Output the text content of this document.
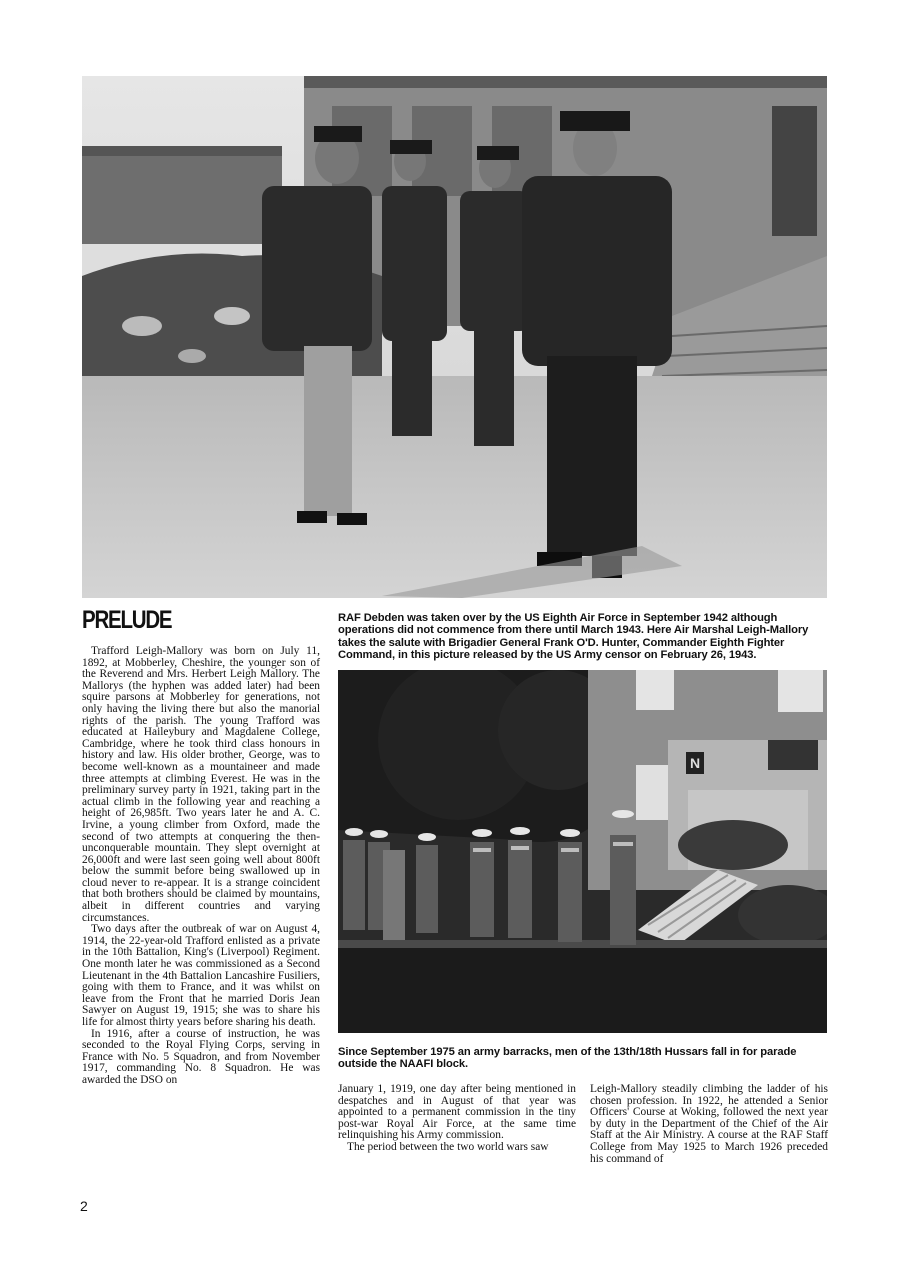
PRELUDE	RAF Debden was taken over by the US Eighth Air Force in September 1942 although operations did not commence from there until March 1943. Here Air Marshal Leigh-Mallory takes the salute with Brigadier General Frank O'D. Hunter, Commander Eighth Fighter Command, in this picture released by the US Army censor on February 26, 1943.

N

Since September 1975 an army barracks, men of the 13th/18th Hussars fall in for parade outside the NAAFI block.

Trafford Leigh-Mallory was born on July 11, 1892, at Mobberley, Cheshire, the younger son of the Reverend and Mrs. Herbert Leigh Mallory. The Mallorys (the hyphen was added later) had been squire parsons at Mobberley for generations, not only having the living there but also the manorial rights of the parish. The young Trafford was educated at Haileybury and Magdalene College, Cambridge, where he took third class honours in history and law. His older brother, George, was to become well-known as a mountaineer and made three attempts at climbing Everest. He was in the preliminary survey party in 1921, taking part in the actual climb in the following year and reaching a height of 26,985ft. Two years later he and A. C. Irvine, a young climber from Oxford, made the second of two attempts at conquering the then-unconquerable mountain. They slept overnight at 26,000ft and were last seen going well about 800ft below the summit before being swallowed up in cloud never to re-appear. It is a strange coincident that both brothers should be claimed by mountains, albeit in different countries and varying circumstances.

Two days after the outbreak of war on August 4, 1914, the 22-year-old Trafford enlisted as a private in the 10th Battalion, King's (Liverpool) Regiment. One month later he was commissioned as a Second Lieutenant in the 4th Battalion Lancashire Fusiliers, going with them to France, and it was whilst on leave from the Front that he married Doris Jean Sawyer on August 19, 1915; she was to share his life for almost thirty years before sharing his death.

In 1916, after a course of instruction, he was seconded to the Royal Flying Corps, serving in France with No. 5 Squadron, and from November 1917, commanding No. 8 Squadron. He was awarded the DSO on

January 1, 1919, one day after being mentioned in despatches and in August of that year was appointed to a permanent commission in the tiny post-war Royal Air Force, at the same time relinquishing his Army commission.

The period between the two world wars saw

Leigh-Mallory steadily climbing the ladder of his chosen profession. In 1922, he attended a Senior Officers' Course at Woking, followed the next year by duty in the Department of the Chief of the Air Staff at the Air Ministry. A course at the RAF Staff College from May 1925 to March 1926 preceded his command of

2
